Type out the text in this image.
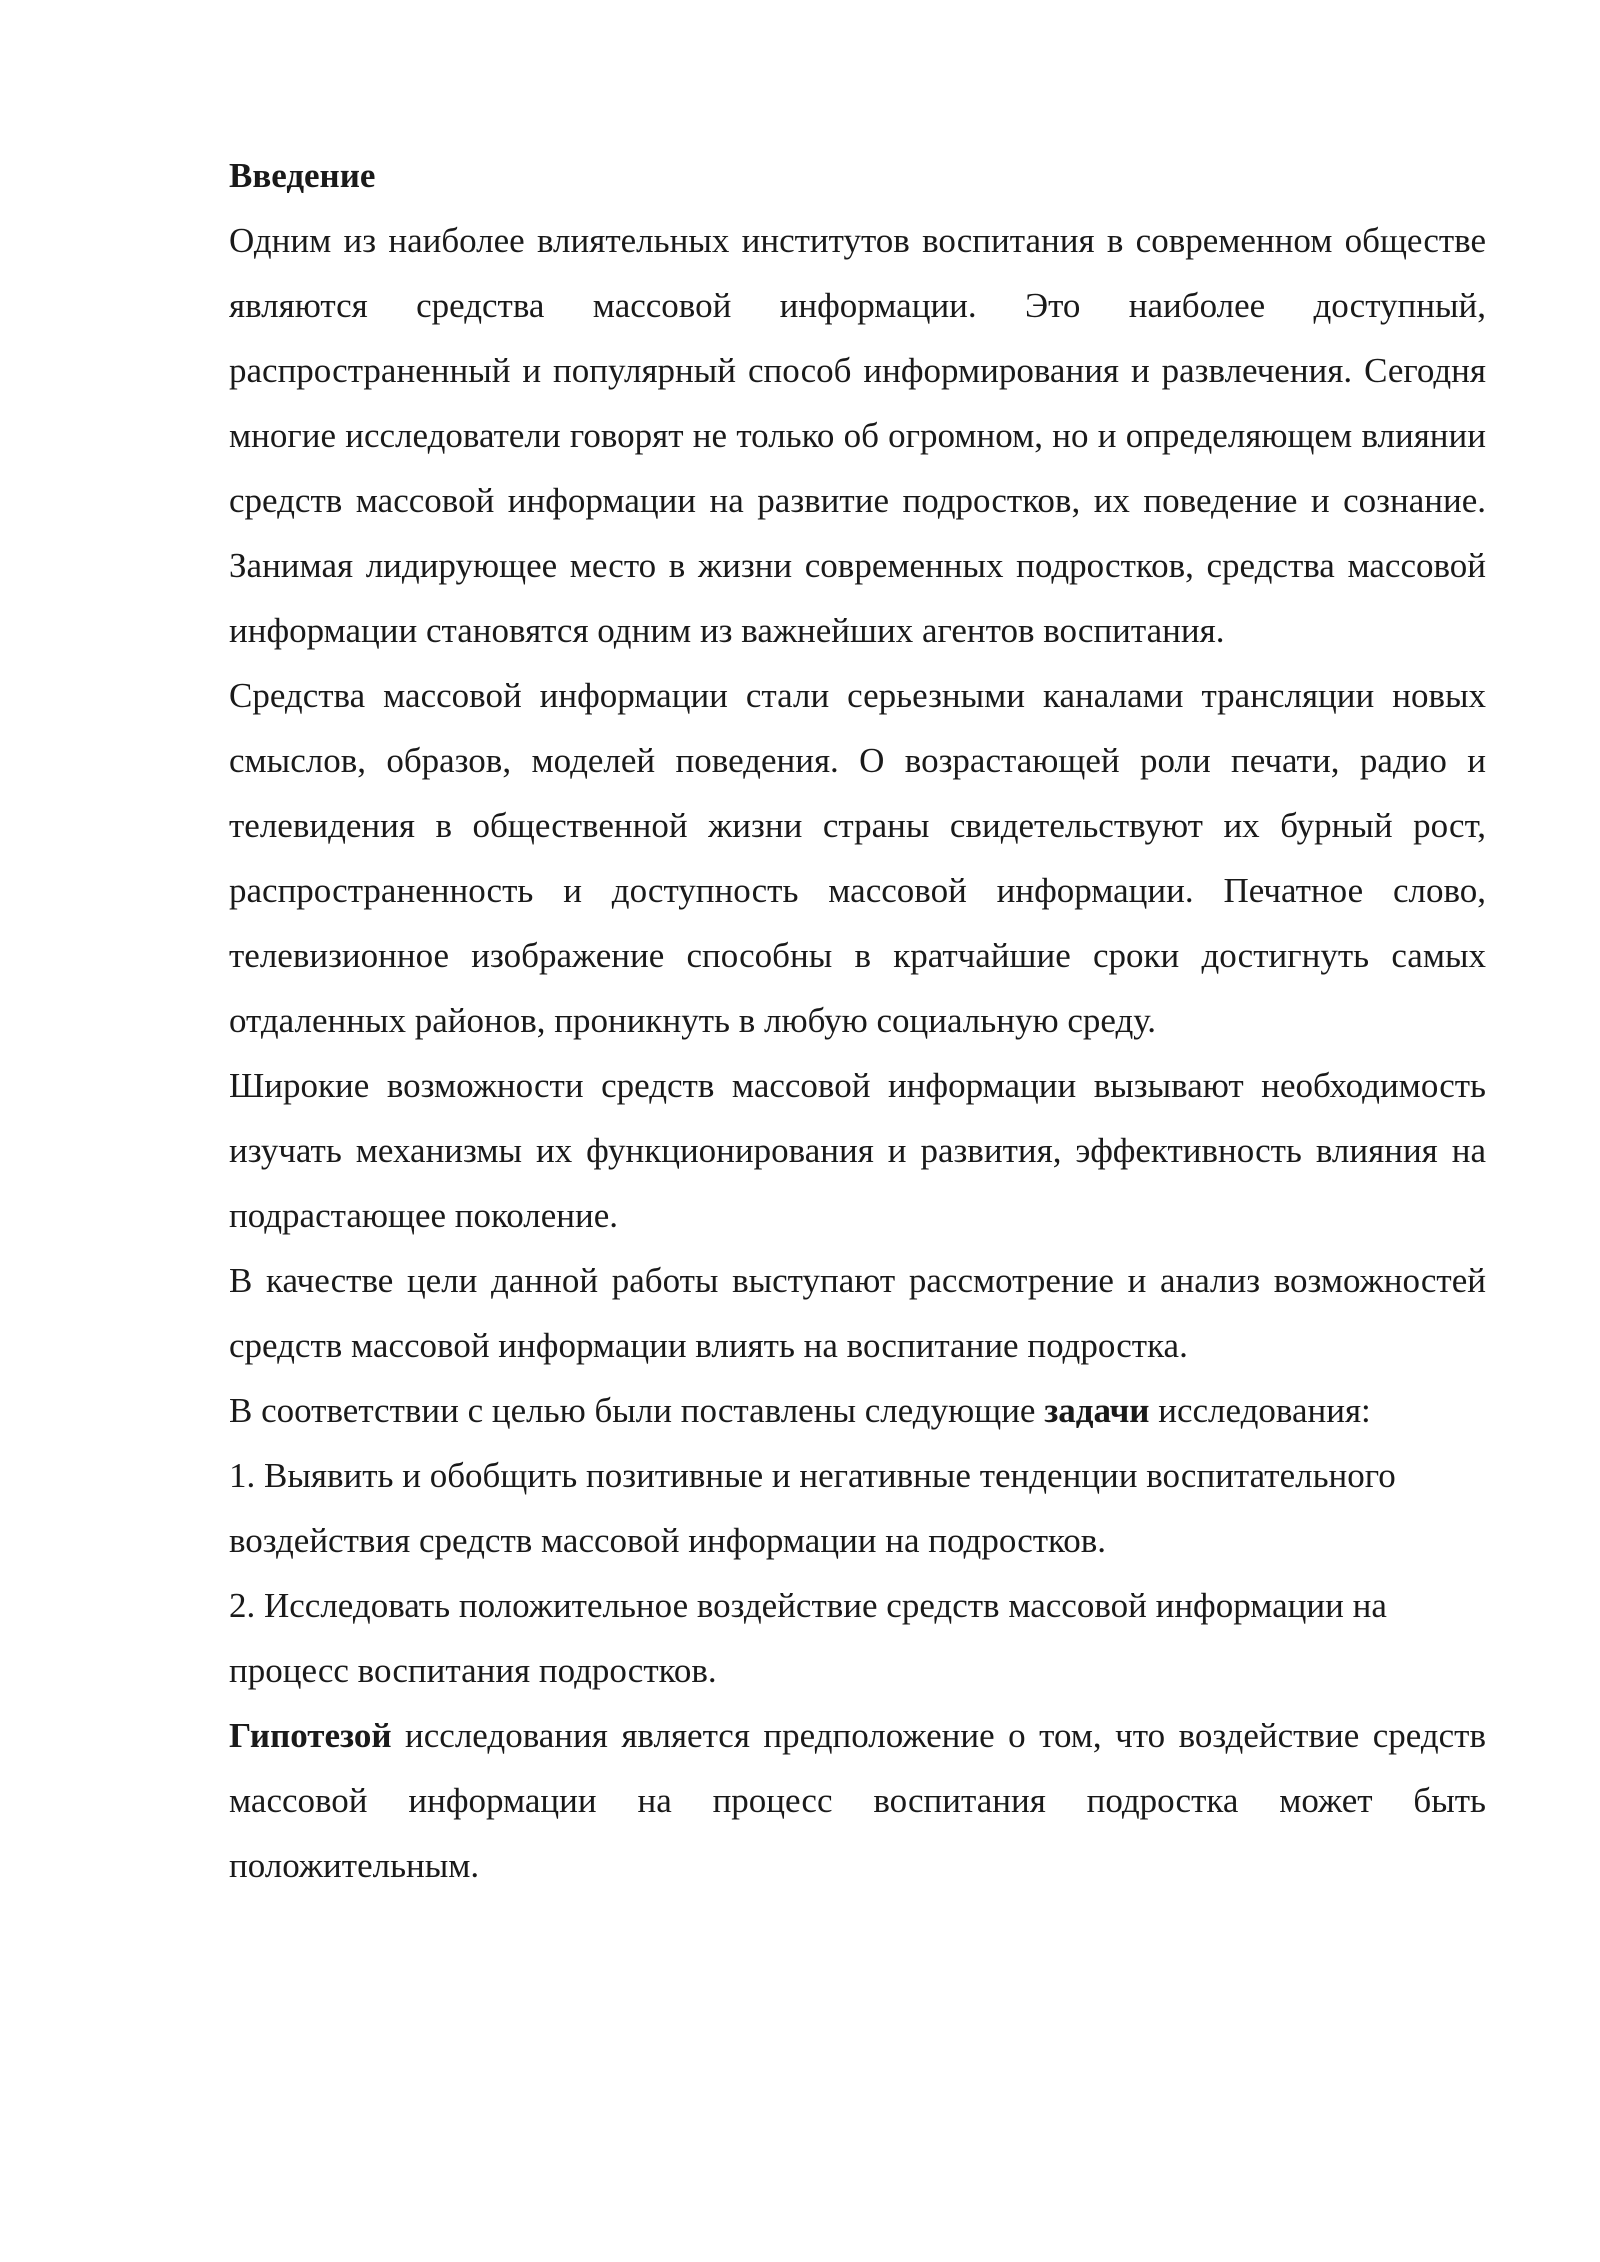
Введение

Одним из наиболее влиятельных институтов воспитания в современном обществе являются средства массовой информации. Это наиболее доступный, распространенный и популярный способ информирования и развлечения. Сегодня многие исследователи говорят не только об огромном, но и определяющем влиянии средств массовой информации на развитие подростков, их поведение и сознание. Занимая лидирующее место в жизни современных подростков, средства массовой информации становятся одним из важнейших агентов воспитания.

Средства массовой информации стали серьезными каналами трансляции новых смыслов, образов, моделей поведения. О возрастающей роли печати, радио и телевидения в общественной жизни страны свидетельствуют их бурный рост, распространенность и доступность массовой информации. Печатное слово, телевизионное изображение способны в кратчайшие сроки достигнуть самых отдаленных районов, проникнуть в любую социальную среду.

Широкие возможности средств массовой информации вызывают необходимость изучать механизмы их функционирования и развития, эффективность влияния на подрастающее поколение.

В качестве цели данной работы выступают рассмотрение и анализ возможностей средств массовой информации влиять на воспитание подростка.

В соответствии с целью были поставлены следующие задачи исследования:

1. Выявить и обобщить позитивные и негативные тенденции воспитательного воздействия средств массовой информации на подростков.

2. Исследовать положительное воздействие средств массовой информации на процесс воспитания подростков.

Гипотезой исследования является предположение о том, что воздействие средств массовой информации на процесс воспитания подростка может быть положительным.
